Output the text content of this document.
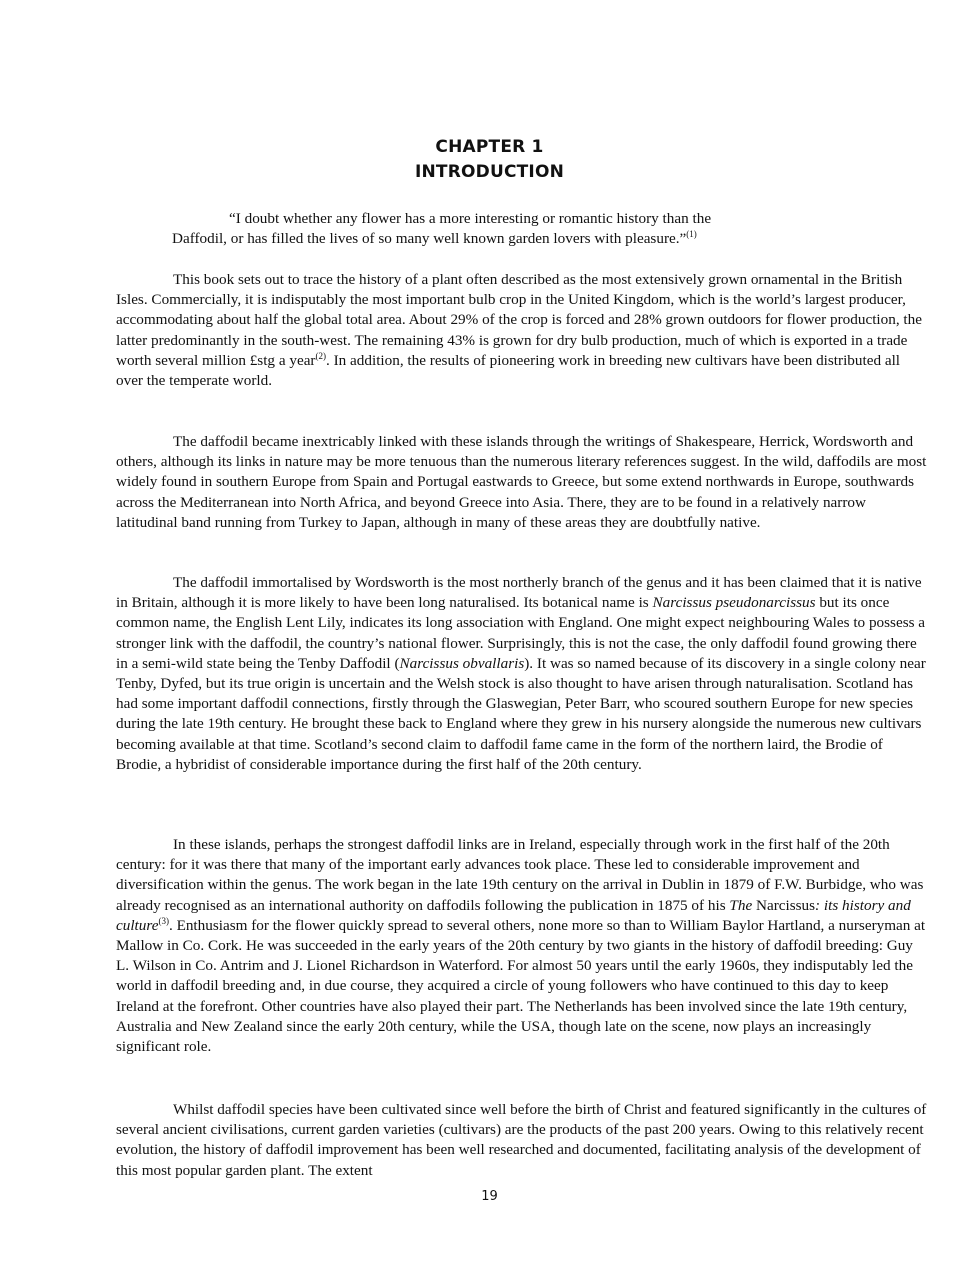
CHAPTER 1
INTRODUCTION
“I doubt whether any flower has a more interesting or romantic history than the
Daffodil, or has filled the lives of so many well known garden lovers with pleasure.”$^{(1)}$

This book sets out to trace the history of a plant often described as the most extensively grown ornamental in the British Isles. Commercially, it is indisputably the most important bulb crop in the United Kingdom, which is the world’s largest producer, accommodating about half the global total area. About 29% of the crop is forced and 28% grown outdoors for flower production, the latter predominantly in the south-west. The remaining 43% is grown for dry bulb production, much of which is exported in a trade worth several million £stg a year$^{(2)}$. In addition, the results of pioneering work in breeding new cultivars have been distributed all over the temperate world.

The daffodil became inextricably linked with these islands through the writings of Shakespeare, Herrick, Wordsworth and others, although its links in nature may be more tenuous than the numerous literary references suggest. In the wild, daffodils are most widely found in southern Europe from Spain and Portugal eastwards to Greece, but some extend northwards in Europe, southwards across the Mediterranean into North Africa, and beyond Greece into Asia. There, they are to be found in a relatively narrow latitudinal band running from Turkey to Japan, although in many of these areas they are doubtfully native.

The daffodil immortalised by Wordsworth is the most northerly branch of the genus and it has been claimed that it is native in Britain, although it is more likely to have been long naturalised. Its botanical name is Narcissus pseudonarcissus but its once common name, the English Lent Lily, indicates its long association with England. One might expect neighbouring Wales to possess a stronger link with the daffodil, the country’s national flower. Surprisingly, this is not the case, the only daffodil found growing there in a semi-wild state being the Tenby Daffodil (Narcissus obvallaris). It was so named because of its discovery in a single colony near Tenby, Dyfed, but its true origin is uncertain and the Welsh stock is also thought to have arisen through naturalisation. Scotland has had some important daffodil connections, firstly through the Glaswegian, Peter Barr, who scoured southern Europe for new species during the late 19th century. He brought these back to England where they grew in his nursery alongside the numerous new cultivars becoming available at that time. Scotland’s second claim to daffodil fame came in the form of the northern laird, the Brodie of Brodie, a hybridist of considerable importance during the first half of the 20th century.

In these islands, perhaps the strongest daffodil links are in Ireland, especially through work in the first half of the 20th century: for it was there that many of the important early advances took place. These led to considerable improvement and diversification within the genus. The work began in the late 19th century on the arrival in Dublin in 1879 of F.W. Burbidge, who was already recognised as an international authority on daffodils following the publication in 1875 of his The Narcissus: its history and culture$^{(3)}$. Enthusiasm for the flower quickly spread to several others, none more so than to William Baylor Hartland, a nurseryman at Mallow in Co. Cork. He was succeeded in the early years of the 20th century by two giants in the history of daffodil breeding: Guy L. Wilson in Co. Antrim and J. Lionel Richardson in Waterford. For almost 50 years until the early 1960s, they indisputably led the world in daffodil breeding and, in due course, they acquired a circle of young followers who have continued to this day to keep Ireland at the forefront. Other countries have also played their part. The Netherlands has been involved since the late 19th century, Australia and New Zealand since the early 20th century, while the USA, though late on the scene, now plays an increasingly significant role.

Whilst daffodil species have been cultivated since well before the birth of Christ and featured significantly in the cultures of several ancient civilisations, current garden varieties (cultivars) are the products of the past 200 years. Owing to this relatively recent evolution, the history of daffodil improvement has been well researched and documented, facilitating analysis of the development of this most popular garden plant. The extent

19
